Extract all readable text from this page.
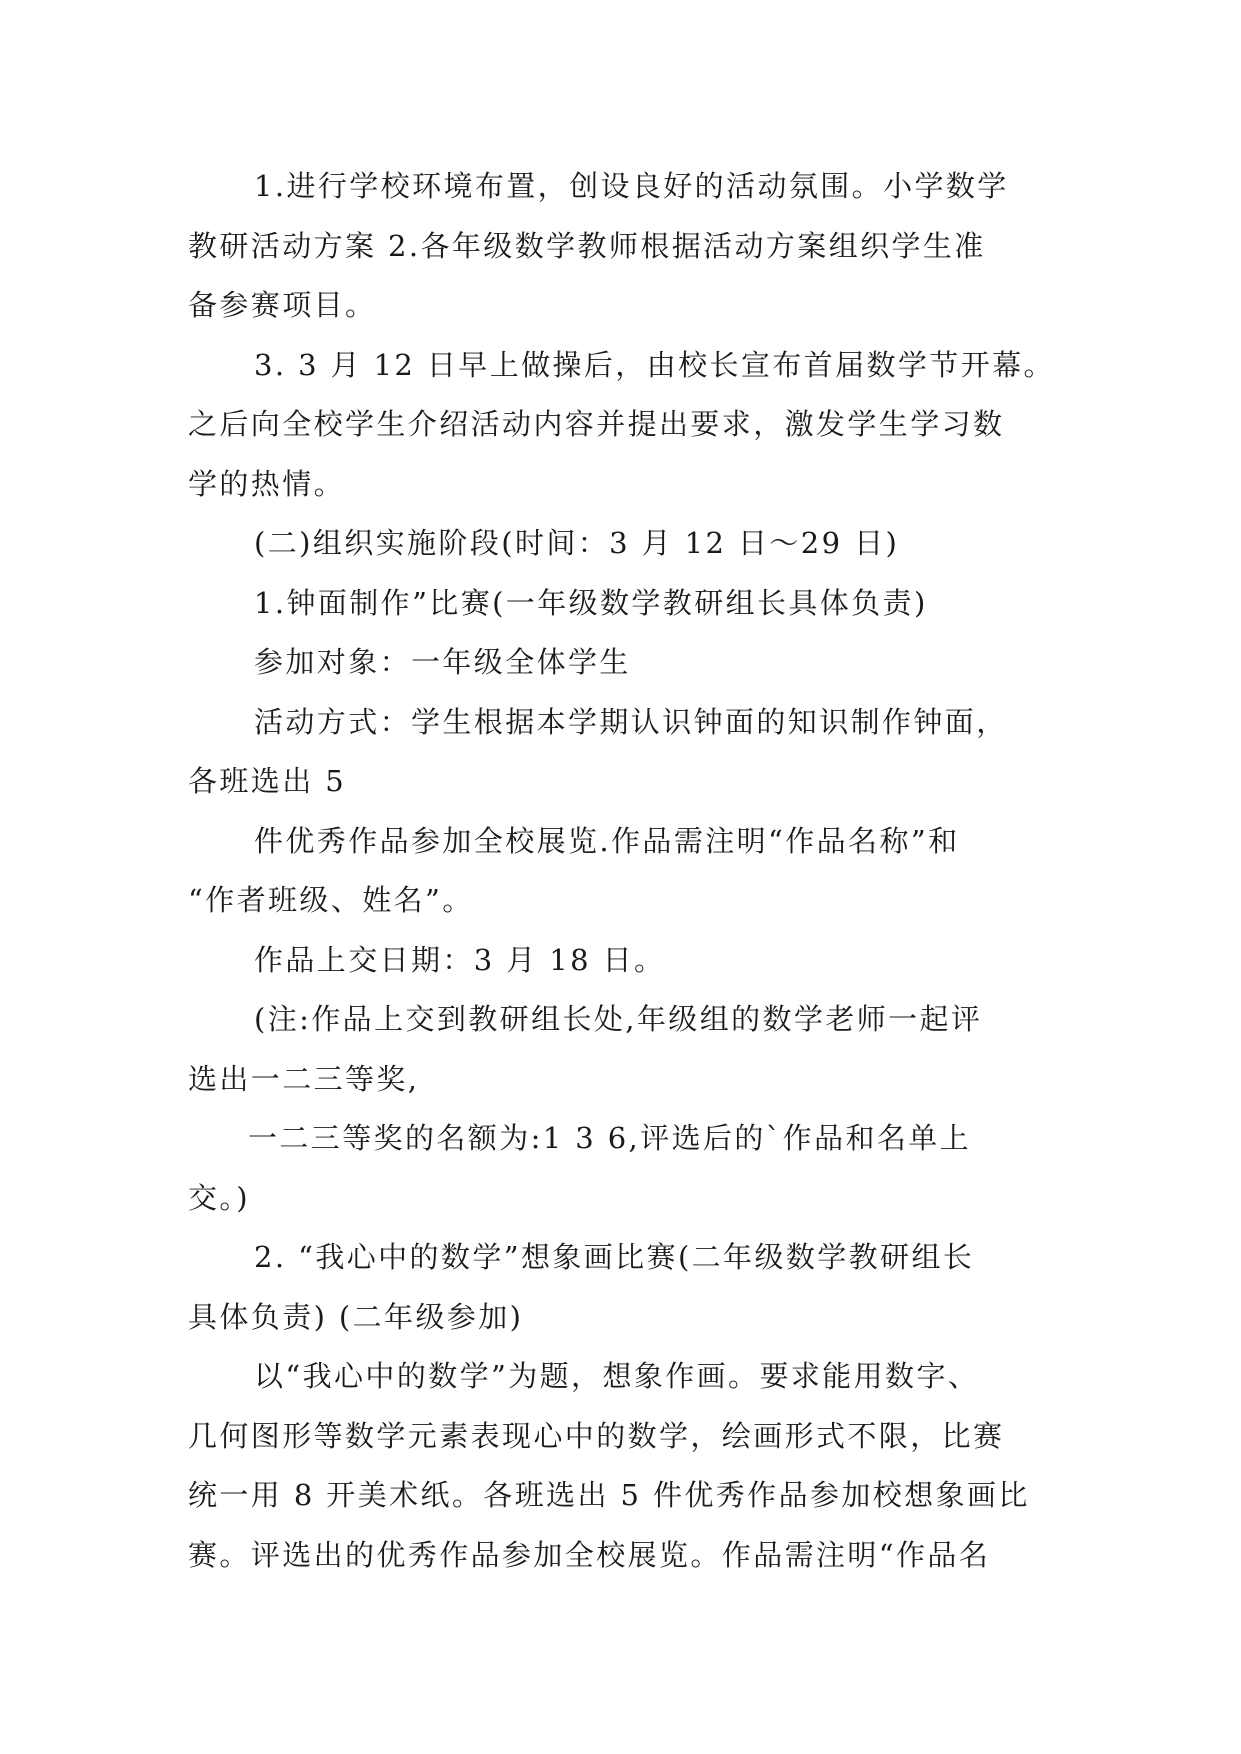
1.进行学校环境布置，创设良好的活动氛围。小学数学
教研活动方案 2.各年级数学教师根据活动方案组织学生准
备参赛项目。
3. 3 月 12 日早上做操后，由校长宣布首届数学节开幕。
之后向全校学生介绍活动内容并提出要求，激发学生学习数
学的热情。
(二)组织实施阶段(时间：3 月 12 日～29 日)
1.钟面制作”比赛(一年级数学教研组长具体负责)
参加对象：一年级全体学生
活动方式：学生根据本学期认识钟面的知识制作钟面，
各班选出 5
件优秀作品参加全校展览.作品需注明“作品名称”和
“作者班级、姓名”。
作品上交日期：3 月 18 日。
(注:作品上交到教研组长处,年级组的数学老师一起评
选出一二三等奖,
一二三等奖的名额为:1 3 6,评选后的`作品和名单上
交。)
2. “我心中的数学”想象画比赛(二年级数学教研组长
具体负责) (二年级参加)
以“我心中的数学”为题，想象作画。要求能用数字、
几何图形等数学元素表现心中的数学，绘画形式不限，比赛
统一用 8 开美术纸。各班选出 5 件优秀作品参加校想象画比
赛。评选出的优秀作品参加全校展览。作品需注明“作品名
